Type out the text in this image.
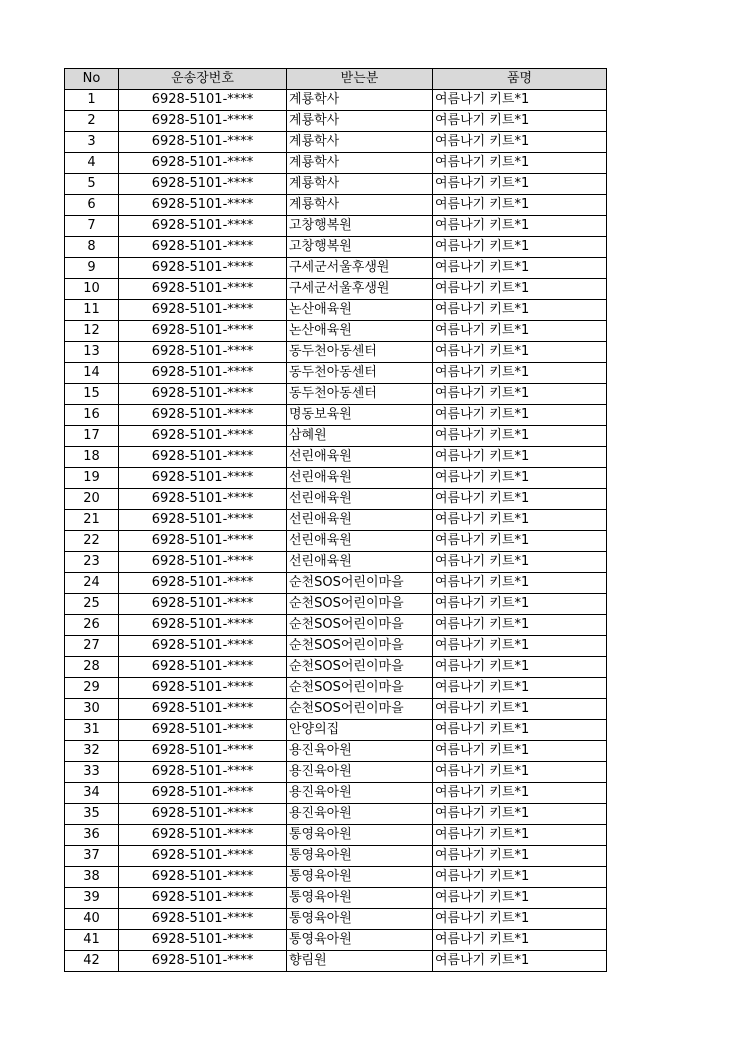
No	운송장번호	받는분	품명
1	6928-5101-****	계룡학사	여름나기 키트*1
2	6928-5101-****	계룡학사	여름나기 키트*1
3	6928-5101-****	계룡학사	여름나기 키트*1
4	6928-5101-****	계룡학사	여름나기 키트*1
5	6928-5101-****	계룡학사	여름나기 키트*1
6	6928-5101-****	계룡학사	여름나기 키트*1
7	6928-5101-****	고창행복원	여름나기 키트*1
8	6928-5101-****	고창행복원	여름나기 키트*1
9	6928-5101-****	구세군서울후생원	여름나기 키트*1
10	6928-5101-****	구세군서울후생원	여름나기 키트*1
11	6928-5101-****	논산애육원	여름나기 키트*1
12	6928-5101-****	논산애육원	여름나기 키트*1
13	6928-5101-****	동두천아동센터	여름나기 키트*1
14	6928-5101-****	동두천아동센터	여름나기 키트*1
15	6928-5101-****	동두천아동센터	여름나기 키트*1
16	6928-5101-****	명동보육원	여름나기 키트*1
17	6928-5101-****	삼혜원	여름나기 키트*1
18	6928-5101-****	선린애육원	여름나기 키트*1
19	6928-5101-****	선린애육원	여름나기 키트*1
20	6928-5101-****	선린애육원	여름나기 키트*1
21	6928-5101-****	선린애육원	여름나기 키트*1
22	6928-5101-****	선린애육원	여름나기 키트*1
23	6928-5101-****	선린애육원	여름나기 키트*1
24	6928-5101-****	순천SOS어린이마을	여름나기 키트*1
25	6928-5101-****	순천SOS어린이마을	여름나기 키트*1
26	6928-5101-****	순천SOS어린이마을	여름나기 키트*1
27	6928-5101-****	순천SOS어린이마을	여름나기 키트*1
28	6928-5101-****	순천SOS어린이마을	여름나기 키트*1
29	6928-5101-****	순천SOS어린이마을	여름나기 키트*1
30	6928-5101-****	순천SOS어린이마을	여름나기 키트*1
31	6928-5101-****	안양의집	여름나기 키트*1
32	6928-5101-****	용진육아원	여름나기 키트*1
33	6928-5101-****	용진육아원	여름나기 키트*1
34	6928-5101-****	용진육아원	여름나기 키트*1
35	6928-5101-****	용진육아원	여름나기 키트*1
36	6928-5101-****	통영육아원	여름나기 키트*1
37	6928-5101-****	통영육아원	여름나기 키트*1
38	6928-5101-****	통영육아원	여름나기 키트*1
39	6928-5101-****	통영육아원	여름나기 키트*1
40	6928-5101-****	통영육아원	여름나기 키트*1
41	6928-5101-****	통영육아원	여름나기 키트*1
42	6928-5101-****	향림원	여름나기 키트*1
